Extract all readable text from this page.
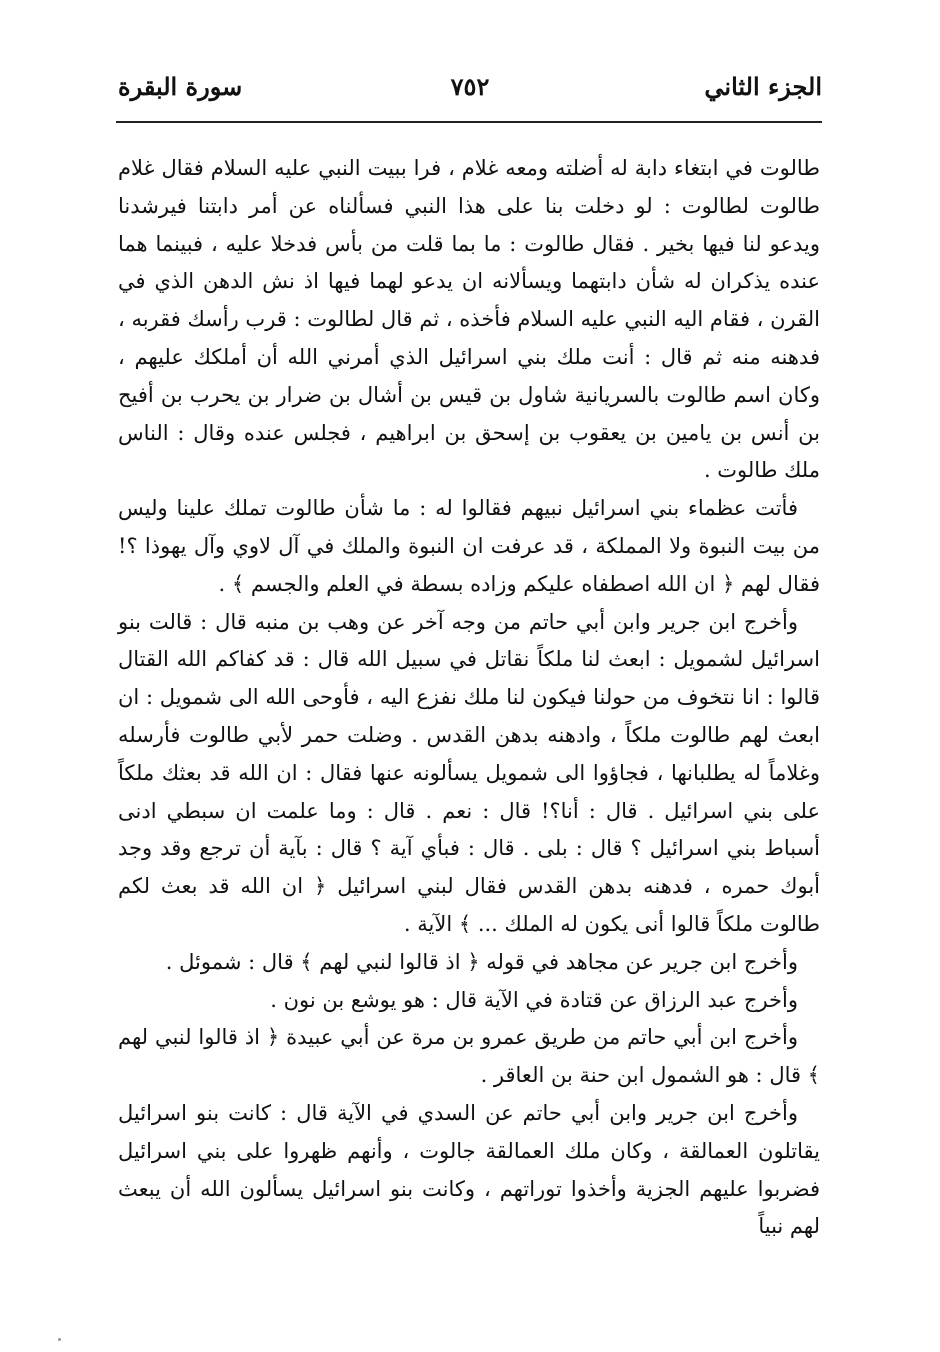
الجزء الثاني
٧٥٢
سورة البقرة

طالوت في ابتغاء دابة له أضلته ومعه غلام ، فرا ببيت النبي عليه السلام فقال غلام طالوت لطالوت : لو دخلت بنا على هذا النبي فسألناه عن أمر دابتنا فيرشدنا ويدعو لنا فيها بخير . فقال طالوت : ما بما قلت من بأس فدخلا عليه ، فبينما هما عنده يذكران له شأن دابتهما ويسألانه ان يدعو لهما فيها اذ نش الدهن الذي في القرن ، فقام اليه النبي عليه السلام فأخذه ، ثم قال لطالوت : قرب رأسك فقربه ، فدهنه منه ثم قال : أنت ملك بني اسرائيل الذي أمرني الله أن أملكك عليهم ، وكان اسم طالوت بالسريانية شاول بن قيس بن أشال بن ضرار بن يحرب بن أفيح بن أنس بن يامين بن يعقوب بن إسحق بن ابراهيم ، فجلس عنده وقال : الناس ملك طالوت .

فأتت عظماء بني اسرائيل نبيهم فقالوا له : ما شأن طالوت تملك علينا وليس من بيت النبوة ولا المملكة ، قد عرفت ان النبوة والملك في آل لاوي وآل يهوذا ؟! فقال لهم ﴿ ان الله اصطفاه عليكم وزاده بسطة في العلم والجسم ﴾ .

وأخرج ابن جرير وابن أبي حاتم من وجه آخر عن وهب بن منبه قال : قالت بنو اسرائيل لشمويل : ابعث لنا ملكاً نقاتل في سبيل الله قال : قد كفاكم الله القتال قالوا : انا نتخوف من حولنا فيكون لنا ملك نفزع اليه ، فأوحى الله الى شمويل : ان ابعث لهم طالوت ملكاً ، وادهنه بدهن القدس . وضلت حمر لأبي طالوت فأرسله وغلاماً له يطلبانها ، فجاؤوا الى شمويل يسألونه عنها فقال : ان الله قد بعثك ملكاً على بني اسرائيل . قال : أنا؟! قال : نعم . قال : وما علمت ان سبطي ادنى أسباط بني اسرائيل ؟ قال : بلى . قال : فبأي آية ؟ قال : بآية أن ترجع وقد وجد أبوك حمره ، فدهنه بدهن القدس فقال لبني اسرائيل ﴿ ان الله قد بعث لكم طالوت ملكاً قالوا أنى يكون له الملك ... ﴾ الآية .

وأخرج ابن جرير عن مجاهد في قوله ﴿ اذ قالوا لنبي لهم ﴾ قال : شموئل .

وأخرج عبد الرزاق عن قتادة في الآية قال : هو يوشع بن نون .

وأخرج ابن أبي حاتم من طريق عمرو بن مرة عن أبي عبيدة ﴿ اذ قالوا لنبي لهم ﴾ قال : هو الشمول ابن حنة بن العاقر .

وأخرج ابن جرير وابن أبي حاتم عن السدي في الآية قال : كانت بنو اسرائيل يقاتلون العمالقة ، وكان ملك العمالقة جالوت ، وأنهم ظهروا على بني اسرائيل فضربوا عليهم الجزية وأخذوا توراتهم ، وكانت بنو اسرائيل يسألون الله أن يبعث لهم نبياً
